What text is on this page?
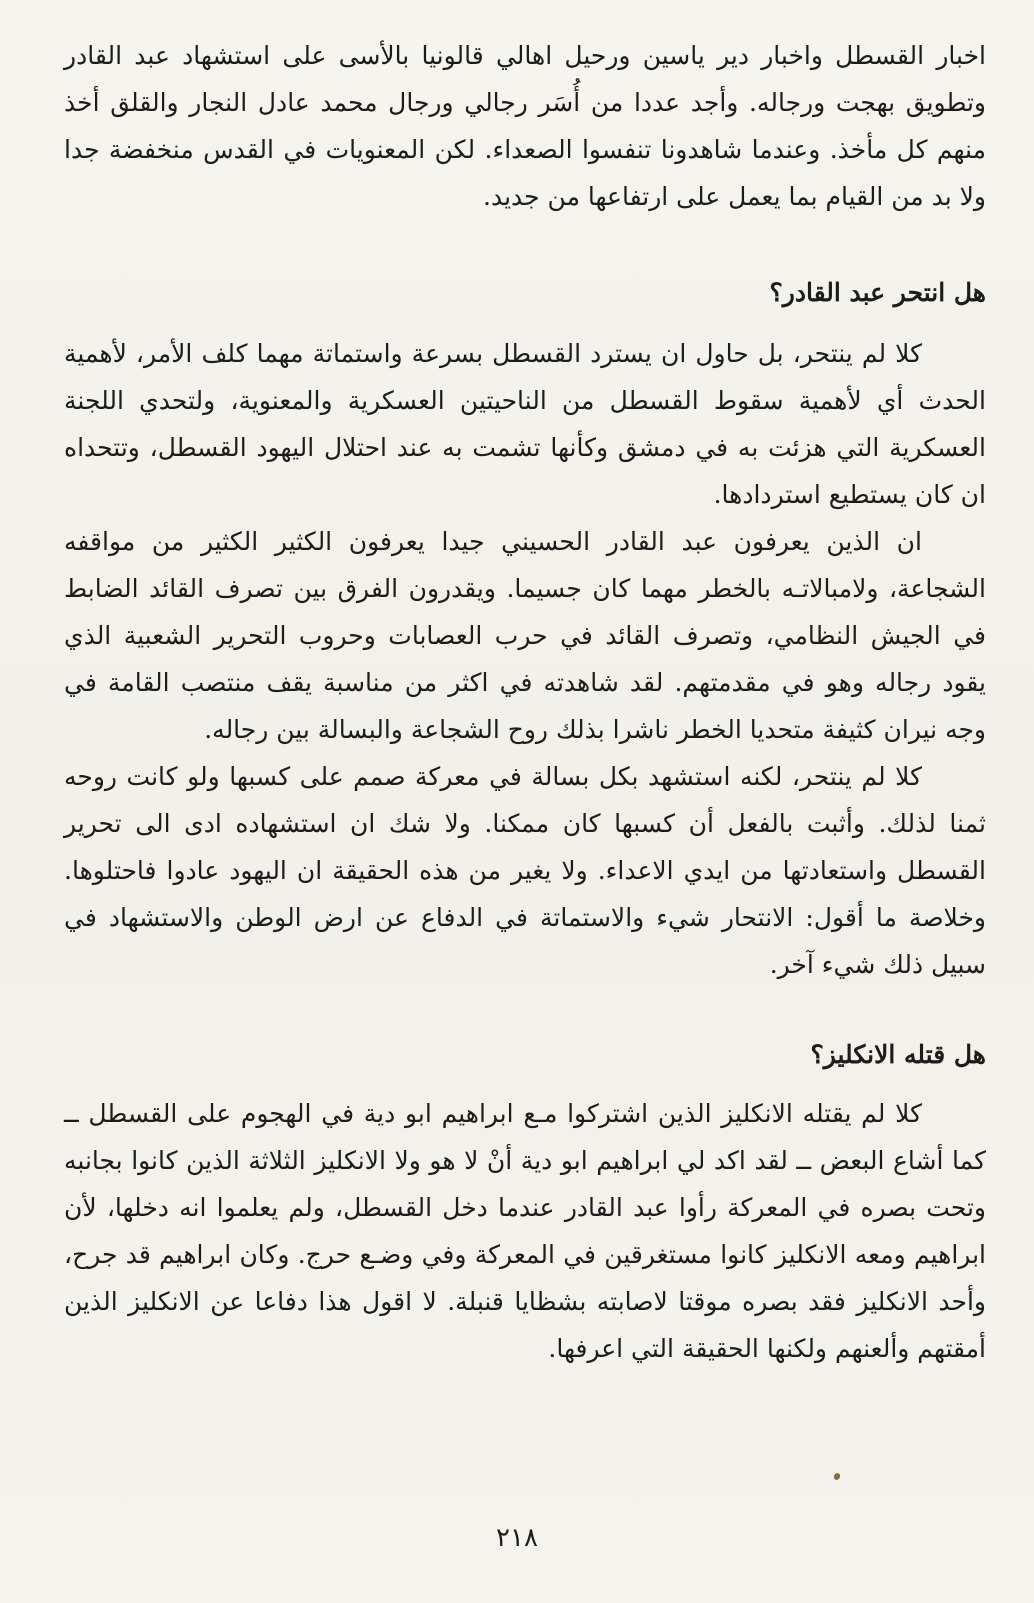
اخبار القسطل واخبار دير ياسين ورحيل اهالي قالونيا بالأسى على استشهاد عبد القادر وتطويق بهجت ورجاله. وأجد عددا من أُسَر رجالي ورجال محمد عادل النجار والقلق أخذ منهم كل مأخذ. وعندما شاهدونا تنفسوا الصعداء. لكن المعنويات في القدس منخفضة جدا ولا بد من القيام بما يعمل على ارتفاعها من جديد.

هل انتحر عبد القادر؟

كلا لم ينتحر، بل حاول ان يسترد القسطل بسرعة واستماتة مهما كلف الأمر، لأهمية الحدث أي لأهمية سقوط القسطل من الناحيتين العسكرية والمعنوية، ولتحدي اللجنة العسكرية التي هزئت به في دمشق وكأنها تشمت به عند احتلال اليهود القسطل، وتتحداه ان كان يستطيع استردادها.

ان الذين يعرفون عبد القادر الحسيني جيدا يعرفون الكثير الكثير من مواقفه الشجاعة، ولامبالاتـه بالخطر مهما كان جسيما. ويقدرون الفرق بين تصرف القائد الضابط في الجيش النظامي، وتصرف القائد في حرب العصابات وحروب التحرير الشعبية الذي يقود رجاله وهو في مقدمتهم. لقد شاهدته في اكثر من مناسبة يقف منتصب القامة في وجه نيران كثيفة متحديا الخطر ناشرا بذلك روح الشجاعة والبسالة بين رجاله.

كلا لم ينتحر، لكنه استشهد بكل بسالة في معركة صمم على كسبها ولو كانت روحه ثمنا لذلك. وأثبت بالفعل أن كسبها كان ممكنا. ولا شك ان استشهاده ادى الى تحرير القسطل واستعادتها من ايدي الاعداء. ولا يغير من هذه الحقيقة ان اليهود عادوا فاحتلوها. وخلاصة ما أقول: الانتحار شيء والاستماتة في الدفاع عن ارض الوطن والاستشهاد في سبيل ذلك شيء آخر.

هل قتله الانكليز؟

كلا لم يقتله الانكليز الذين اشتركوا مـع ابراهيم ابو دية في الهجوم على القسطل ــ كما أشاع البعض ــ لقد اكد لي ابراهيم ابو دية أنْ لا هو ولا الانكليز الثلاثة الذين كانوا بجانبه وتحت بصره في المعركة رأوا عبد القادر عندما دخل القسطل، ولم يعلموا انه دخلها، لأن ابراهيم ومعه الانكليز كانوا مستغرقين في المعركة وفي وضـع حرج. وكان ابراهيم قد جرح، وأحد الانكليز فقد بصره موقتا لاصابته بشظايا قنبلة. لا اقول هذا دفاعا عن الانكليز الذين أمقتهم وألعنهم ولكنها الحقيقة التي اعرفها.

٢١٨
